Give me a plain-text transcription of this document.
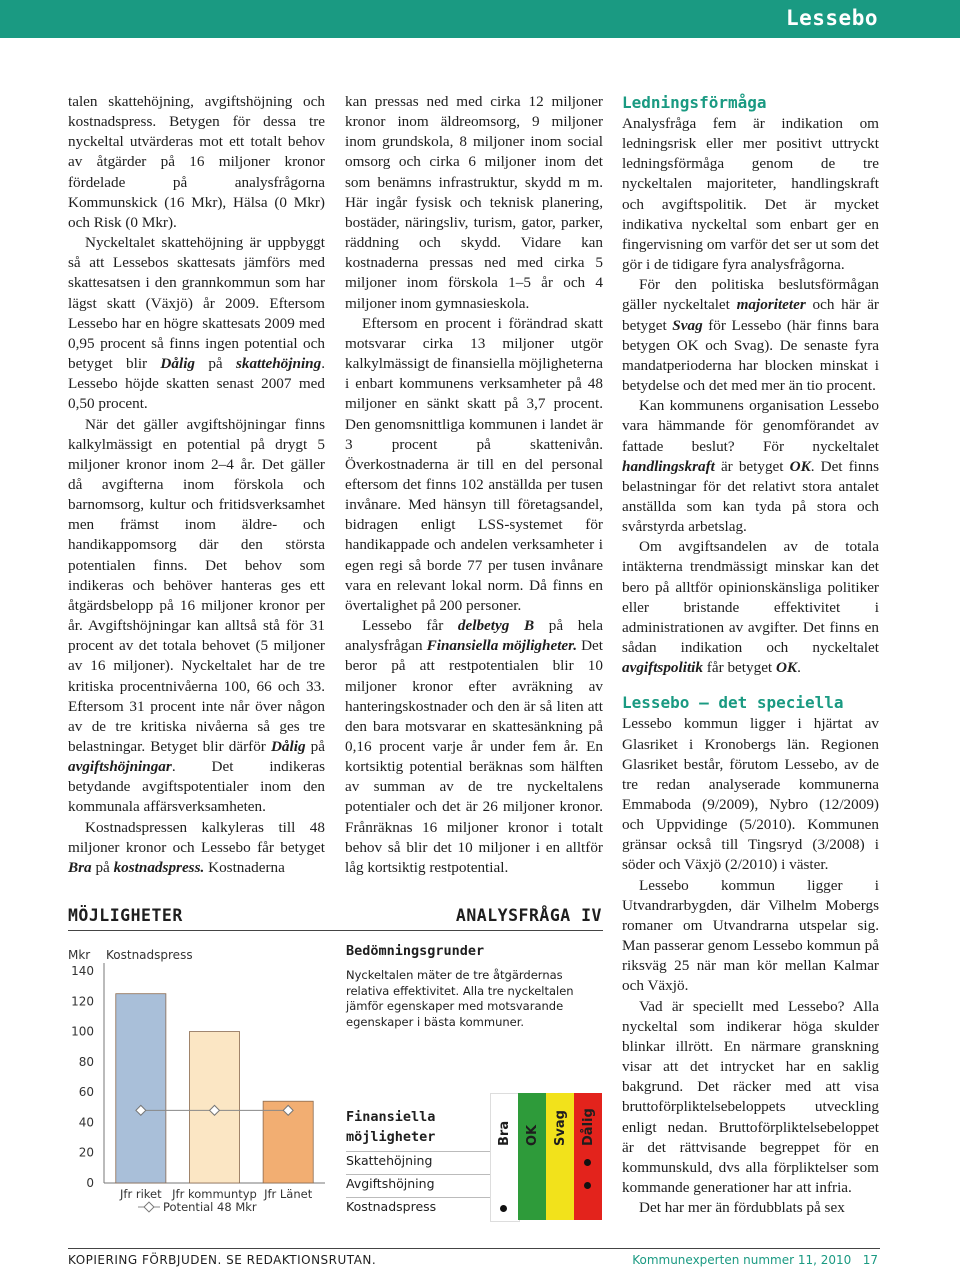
Lessebo

talen skattehöjning, avgiftshöjning och kostnadspress. Betygen för dessa tre nyckeltal utvärderas mot ett totalt behov av åtgärder på 16 miljoner kronor fördelade på analysfrågorna Kommunskick (16 Mkr), Hälsa (0 Mkr) och Risk (0 Mkr).

Nyckeltalet skattehöjning är uppbyggt så att Lessebos skattesats jämförs med skattesatsen i den grannkommun som har lägst skatt (Växjö) år 2009. Eftersom Lessebo har en högre skattesats 2009 med 0,95 procent så finns ingen potential och betyget blir Dålig på skattehöjning. Lessebo höjde skatten senast 2007 med 0,50 procent.

När det gäller avgiftshöjningar finns kalkylmässigt en potential på drygt 5 miljoner kronor inom 2–4 år. Det gäller då avgifterna inom förskola och barnomsorg, kultur och fritidsverksamhet men främst inom äldre- och handikappomsorg där den största potentialen finns. Det behov som indikeras och behöver hanteras ges ett åtgärdsbelopp på 16 miljoner kronor per år. Avgiftshöjningar kan alltså stå för 31 procent av det totala behovet (5 miljoner av 16 miljoner). Nyckeltalet har de tre kritiska procentnivåerna 100, 66 och 33. Eftersom 31 procent inte når över någon av de tre kritiska nivåerna så ges tre belastningar. Betyget blir därför Dålig på avgiftshöjningar. Det indikeras betydande avgiftspotentialer inom den kommunala affärsverksamheten.

Kostnadspressen kalkyleras till 48 miljoner kronor och Lessebo får betyget Bra på kostnadspress. Kostnaderna

kan pressas ned med cirka 12 miljoner kronor inom äldreomsorg, 9 miljoner inom grundskola, 8 miljoner inom social omsorg och cirka 6 miljoner inom det som benämns infrastruktur, skydd m m. Här ingår fysisk och teknisk planering, bostäder, näringsliv, turism, gator, parker, räddning och skydd. Vidare kan kostnaderna pressas ned med cirka 5 miljoner inom förskola 1–5 år och 4 miljoner inom gymnasieskola.

Eftersom en procent i förändrad skatt motsvarar cirka 13 miljoner utgör kalkylmässigt de finansiella möjligheterna i enbart kommunens verksamheter på 48 miljoner en sänkt skatt på 3,7 procent. Den genomsnittliga kommunen i landet är 3 procent på skattenivån. Överkostnaderna är till en del personal eftersom det finns 102 anställda per tusen invånare. Med hänsyn till företagsandel, bidragen enligt LSS-systemet för handikappade och andelen verksamheter i egen regi så borde 77 per tusen invånare vara en relevant lokal norm. Då finns en övertalighet på 200 personer.

Lessebo får delbetyg B på hela analysfrågan Finansiella möjligheter. Det beror på att restpotentialen blir 10 miljoner kronor efter avräkning av hanteringskostnader och den är så liten att den bara motsvarar en skattesänkning på 0,16 procent varje år under fem år. En kortsiktig potential beräknas som hälften av summan av de tre nyckeltalens potentialer och det är 26 miljoner kronor. Frånräknas 16 miljoner kronor i totalt behov så blir det 10 miljoner i en alltför låg kortsiktig restpotential.

Ledningsförmåga

Analysfråga fem är indikation om ledningsrisk eller mer positivt uttryckt ledningsförmåga genom de tre nyckeltalen majoriteter, handlingskraft och avgiftspolitik. Det är mycket indikativa nyckeltal som enbart ger en fingervisning om varför det ser ut som det gör i de tidigare fyra analysfrågorna.

För den politiska beslutsförmågan gäller nyckeltalet majoriteter och här är betyget Svag för Lessebo (här finns bara betygen OK och Svag). De senaste fyra mandatperioderna har blocken minskat i betydelse och det med mer än tio procent.

Kan kommunens organisation Lessebo vara hämmande för genomförandet av fattade beslut? För nyckeltalet handlingskraft är betyget OK. Det finns belastningar för det relativt stora antalet anställda som kan tyda på stora och svårstyrda arbetslag.

Om avgiftsandelen av de totala intäkterna trendmässigt minskar kan det bero på alltför opinionskänsliga politiker eller bristande effektivitet i administrationen av avgifter. Det finns en sådan indikation och nyckeltalet avgiftspolitik får betyget OK.

Lessebo – det speciella

Lessebo kommun ligger i hjärtat av Glasriket i Kronobergs län. Regionen Glasriket består, förutom Lessebo, av de tre redan analyserade kommunerna Emmaboda (9/2009), Nybro (12/2009) och Uppvidinge (5/2010). Kommunen gränsar också till Tingsryd (3/2008) i söder och Växjö (2/2010) i väster.

Lessebo kommun ligger i Utvandrarbygden, där Vilhelm Mobergs romaner om Utvandrarna utspelar sig. Man passerar genom Lessebo kommun på riksväg 25 när man kör mellan Kalmar och Växjö.

Vad är speciellt med Lessebo? Alla nyckeltal som indikerar höga skulder blinkar illrött. En närmare granskning visar att det intrycket har en saklig bakgrund. Det räcker med att visa bruttoförpliktelsebeloppets utveckling enligt nedan. Bruttoförpliktelsebeloppet är det rättvisande begreppet för en kommunskuld, dvs alla förpliktelser som kommande generationer har att infria.

Det har mer än fördubblats på sex

MÖJLIGHETER	ANALYSFRÅGA IV
Mkr Kostnadspress
0
20
40
60
80
100
120
140
Jfr riket Jfr kommuntyp Jfr Länet
Potential 48 Mkr
Bedömningsgrunder
Nyckeltalen mäter de tre åtgärdernas relativa effektivitet. Alla tre nyckeltalen jämför egenskaper med motsvarande egenskaper i bästa kommuner.
Finansiella möjligheter
Skattehöjning
Avgiftshöjning
Kostnadspress
Bra OK Svag Dålig
KOPIERING FÖRBJUDEN. SE REDAKTIONSRUTAN.	Kommunexperten nummer 11, 2010   17
